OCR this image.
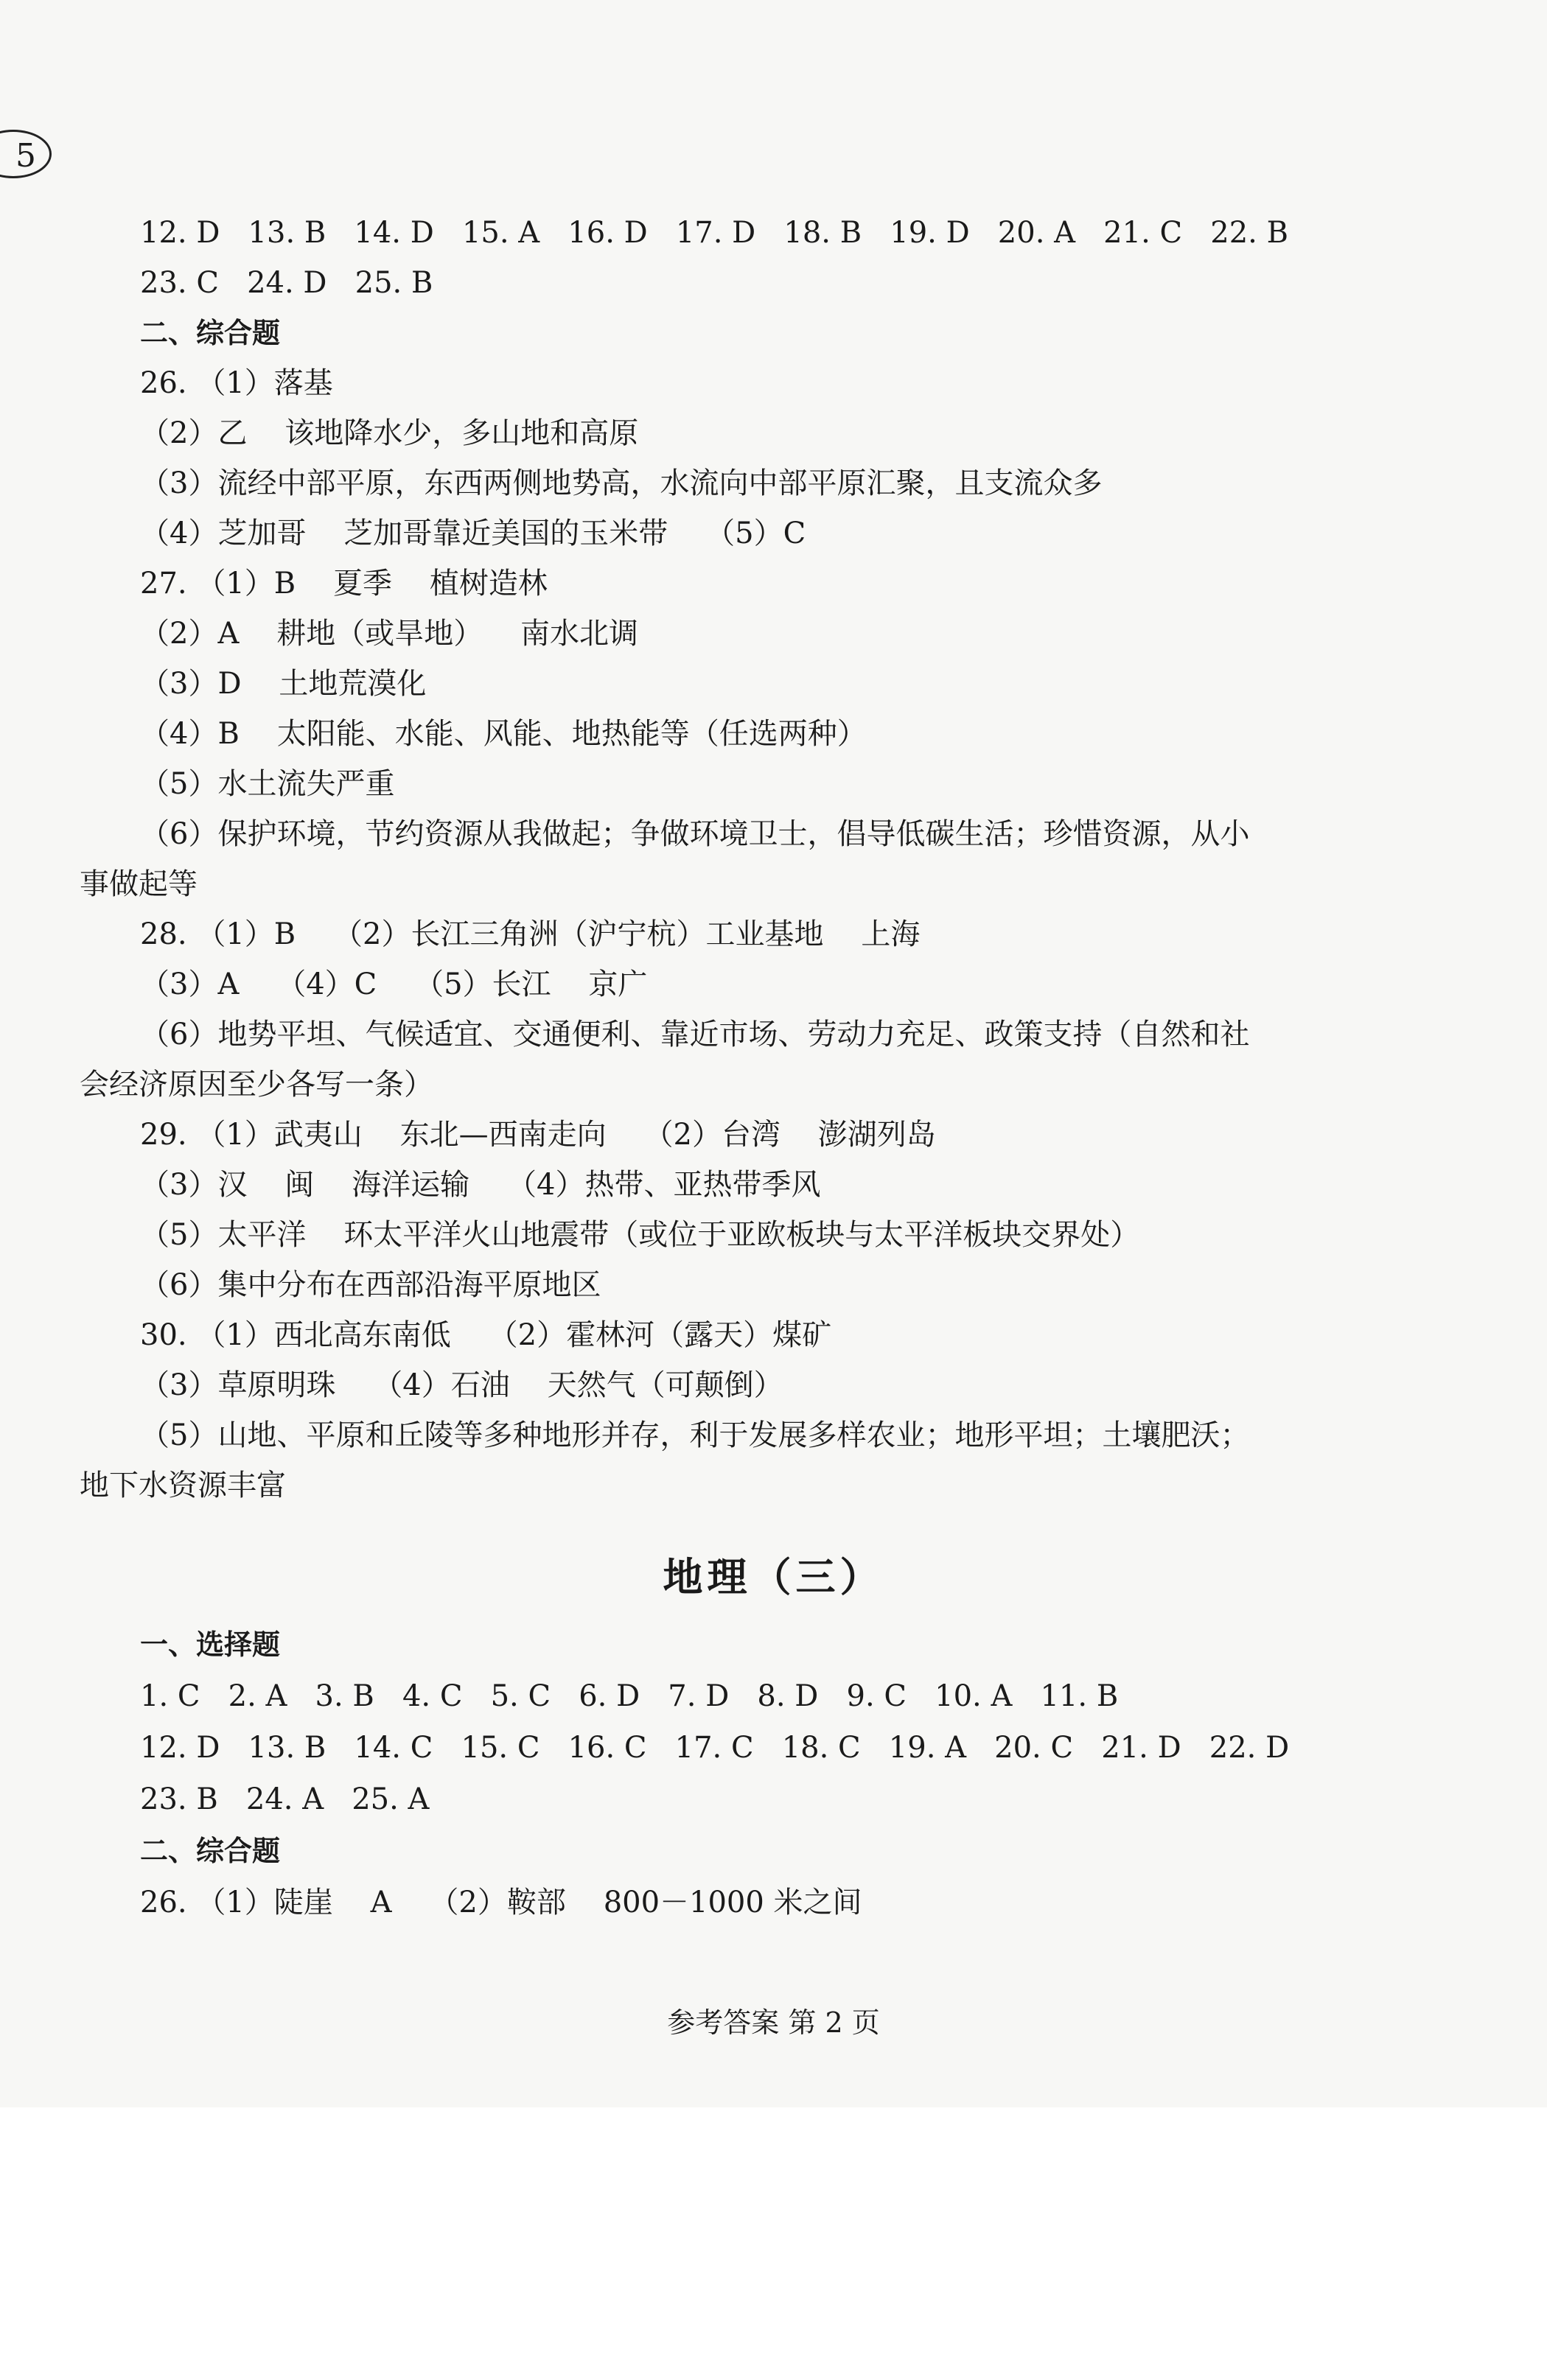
5
12. D   13. B   14. D   15. A   16. D   17. D   18. B   19. D   20. A   21. C   22. B
23. C   24. D   25. B
二、综合题
26. （1）落基
（2）乙    该地降水少，多山地和高原
（3）流经中部平原，东西两侧地势高，水流向中部平原汇聚，且支流众多
（4）芝加哥    芝加哥靠近美国的玉米带    （5）C
27. （1）B    夏季    植树造林
（2）A    耕地（或旱地）    南水北调
（3）D    土地荒漠化
（4）B    太阳能、水能、风能、地热能等（任选两种）
（5）水土流失严重
（6）保护环境，节约资源从我做起；争做环境卫士，倡导低碳生活；珍惜资源，从小
事做起等
28. （1）B    （2）长江三角洲（沪宁杭）工业基地    上海
（3）A    （4）C    （5）长江    京广
（6）地势平坦、气候适宜、交通便利、靠近市场、劳动力充足、政策支持（自然和社
会经济原因至少各写一条）
29. （1）武夷山    东北—西南走向    （2）台湾    澎湖列岛
（3）汉    闽    海洋运输    （4）热带、亚热带季风
（5）太平洋    环太平洋火山地震带（或位于亚欧板块与太平洋板块交界处）
（6）集中分布在西部沿海平原地区
30. （1）西北高东南低    （2）霍林河（露天）煤矿
（3）草原明珠    （4）石油    天然气（可颠倒）
（5）山地、平原和丘陵等多种地形并存，利于发展多样农业；地形平坦；土壤肥沃；
地下水资源丰富
地理（三）
一、选择题
1. C   2. A   3. B   4. C   5. C   6. D   7. D   8. D   9. C   10. A   11. B
12. D   13. B   14. C   15. C   16. C   17. C   18. C   19. A   20. C   21. D   22. D
23. B   24. A   25. A
二、综合题
26. （1）陡崖    A    （2）鞍部    800－1000 米之间
参考答案 第 2 页
